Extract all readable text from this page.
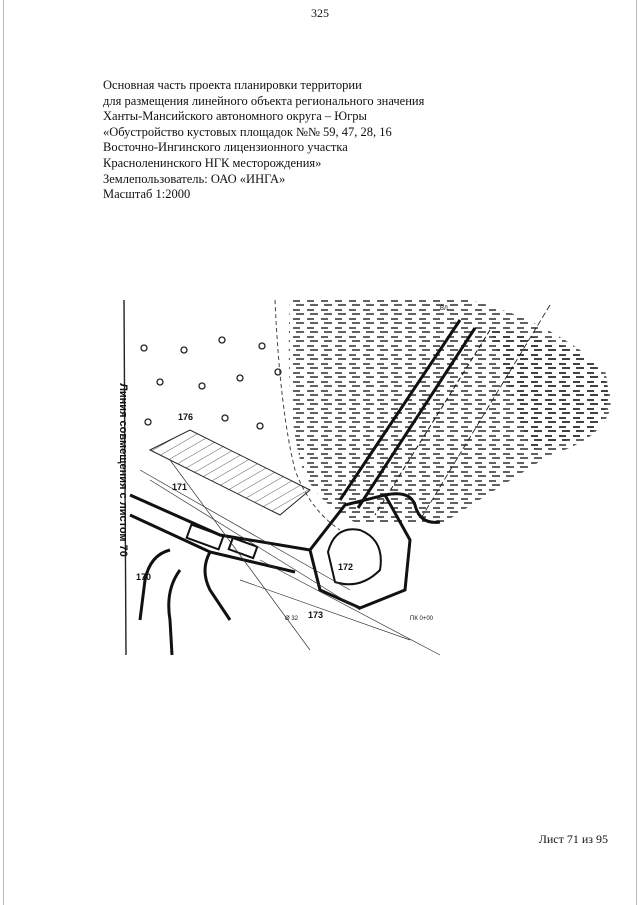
325
Основная часть проекта планировки территории
для размещения линейного объекта регионального значения
Ханты-Мансийского автономного округа – Югры
«Обустройство кустовых площадок №№ 59, 47, 28, 16
Восточно-Ингинского лицензионного участка
Красноленинского НГК месторождения»
Землепользователь: ОАО «ИНГА»
Масштаб 1:2000
ПК 0+00
Ø 32
ВЛ
176
171
170
172
173
Линия совмещения с листом 70
Лист 71 из 95
